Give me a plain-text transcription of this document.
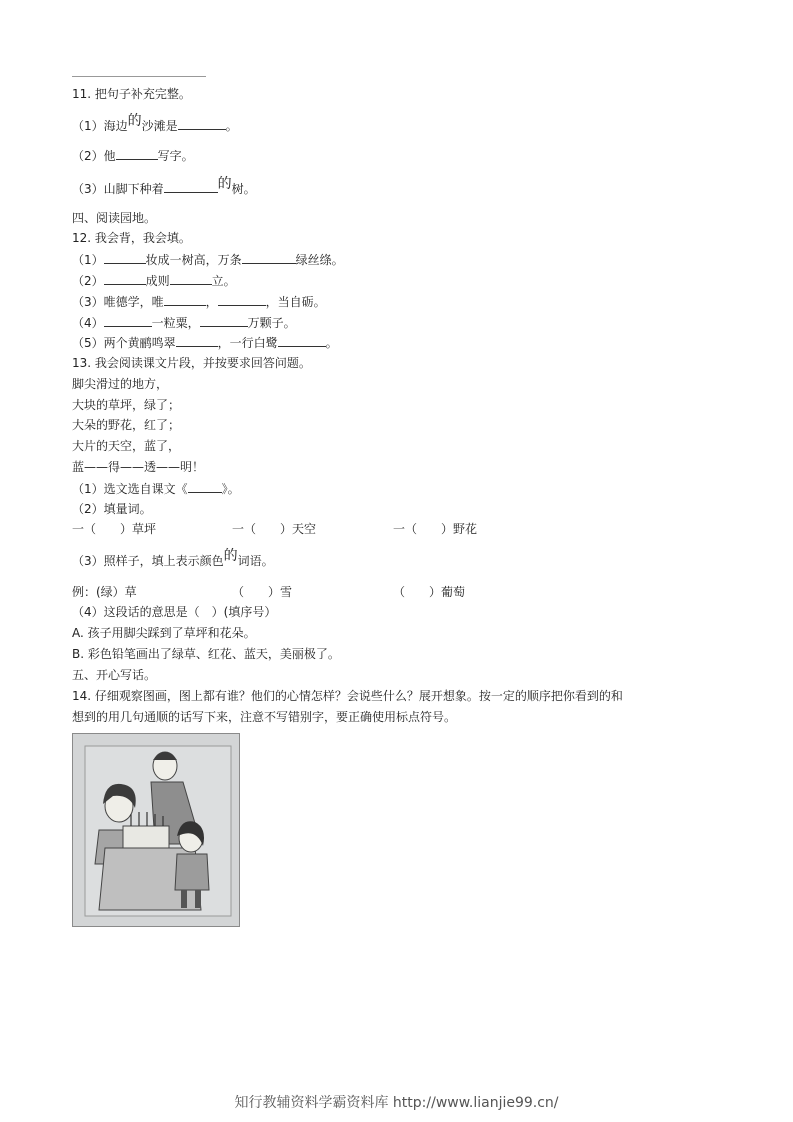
11. 把句子补充完整。
（1）海边的沙滩是	。
（2）他	写字。
（3）山脚下种着	的树。
四、阅读园地。
12. 我会背，我会填。
（1）	妆成一树高，万条	绿丝绦。
（2）	成则	立。
（3）唯德学，唯	，	，当自砺。
（4）	一粒粟，	万颗子。
（5）两个黄鹂鸣翠	，一行白鹭	。
13. 我会阅读课文片段，并按要求回答问题。
脚尖滑过的地方，
大块的草坪，绿了；
大朵的野花，红了；
大片的天空，蓝了，
蓝——得——透——明！
（1）选文选自课文《	》。
（2）填量词。
一（　　）草坪	一（　　）天空	一（　　）野花
（3）照样子，填上表示颜色的词语。
例：(绿）草	（　　）雪	（　　）葡萄
（4）这段话的意思是（　）(填序号）
A. 孩子用脚尖踩到了草坪和花朵。
B. 彩色铅笔画出了绿草、红花、蓝天，美丽极了。
五、开心写话。
14. 仔细观察图画，图上都有谁？他们的心情怎样？会说些什么？展开想象。按一定的顺序把你看到的和
想到的用几句通顺的话写下来，注意不写错别字，要正确使用标点符号。
知行教辅资料学霸资料库 http://www.lianjie99.cn/
